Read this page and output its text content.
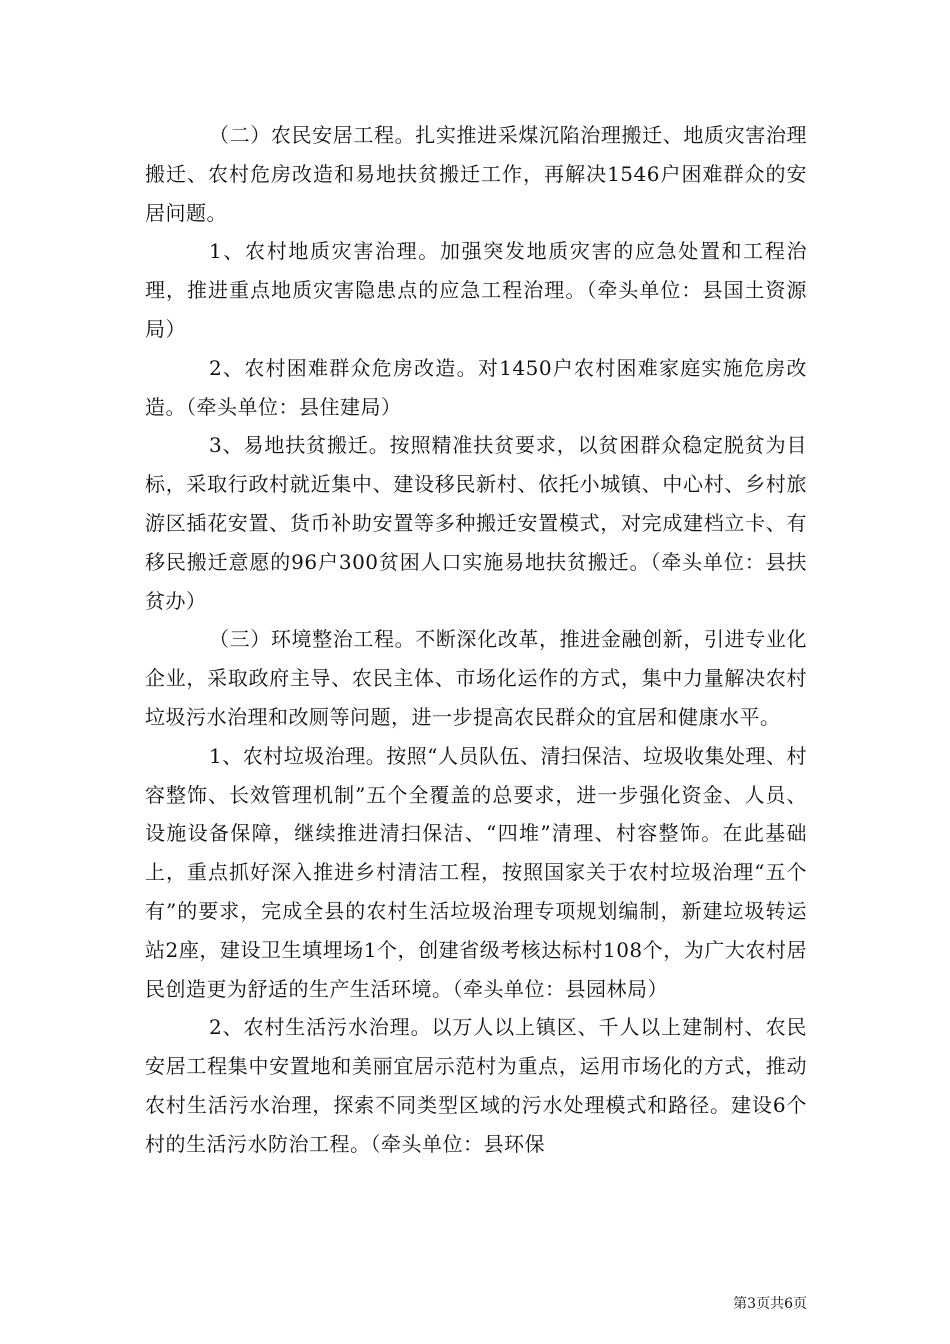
（二）农民安居工程。扎实推进采煤沉陷治理搬迁、地质灾害治理搬迁、农村危房改造和易地扶贫搬迁工作，再解决1546户困难群众的安居问题。

1、农村地质灾害治理。加强突发地质灾害的应急处置和工程治理，推进重点地质灾害隐患点的应急工程治理。（牵头单位：县国土资源局）

2、农村困难群众危房改造。对1450户农村困难家庭实施危房改造。（牵头单位：县住建局）

3、易地扶贫搬迁。按照精准扶贫要求，以贫困群众稳定脱贫为目标，采取行政村就近集中、建设移民新村、依托小城镇、中心村、乡村旅游区插花安置、货币补助安置等多种搬迁安置模式，对完成建档立卡、有移民搬迁意愿的96户300贫困人口实施易地扶贫搬迁。（牵头单位：县扶贫办）

（三）环境整治工程。不断深化改革，推进金融创新，引进专业化企业，采取政府主导、农民主体、市场化运作的方式，集中力量解决农村垃圾污水治理和改厕等问题，进一步提高农民群众的宜居和健康水平。

1、农村垃圾治理。按照“人员队伍、清扫保洁、垃圾收集处理、村容整饰、长效管理机制”五个全覆盖的总要求，进一步强化资金、人员、设施设备保障，继续推进清扫保洁、“四堆”清理、村容整饰。在此基础上，重点抓好深入推进乡村清洁工程，按照国家关于农村垃圾治理“五个有”的要求，完成全县的农村生活垃圾治理专项规划编制，新建垃圾转运站2座，建设卫生填埋场1个，创建省级考核达标村108个，为广大农村居民创造更为舒适的生产生活环境。（牵头单位：县园林局）

2、农村生活污水治理。以万人以上镇区、千人以上建制村、农民安居工程集中安置地和美丽宜居示范村为重点，运用市场化的方式，推动农村生活污水治理，探索不同类型区域的污水处理模式和路径。建设6个村的生活污水防治工程。（牵头单位：县环保

第3页共6页
